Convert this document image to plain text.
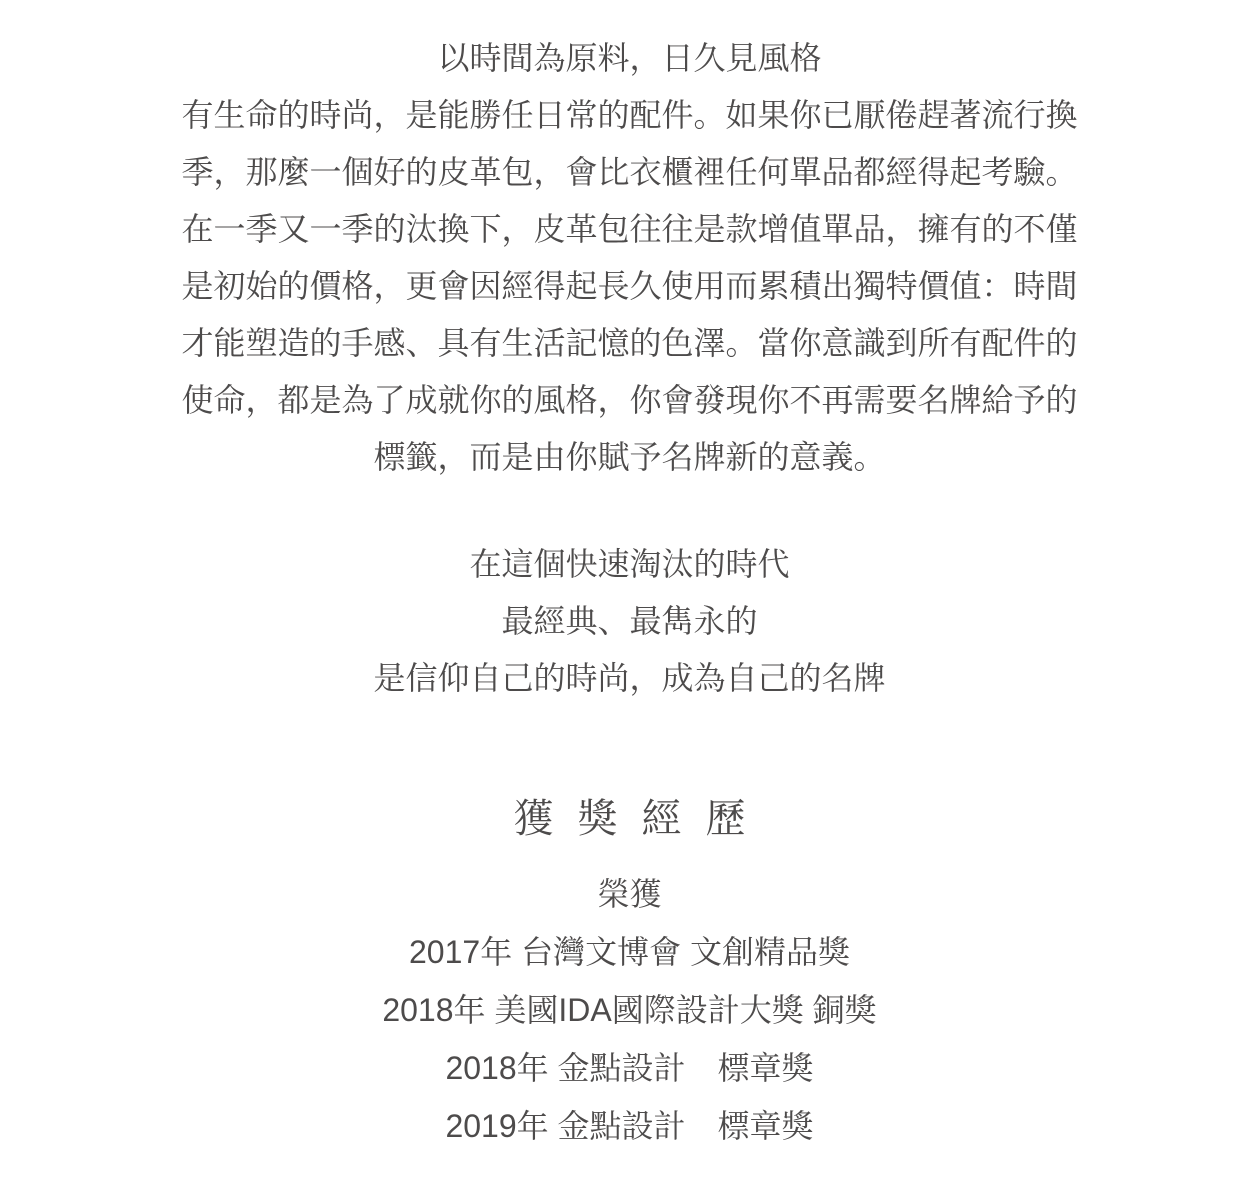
以時間為原料，日久見風格
有生命的時尚，是能勝任日常的配件。如果你已厭倦趕著流行換
季，那麼一個好的皮革包，會比衣櫃裡任何單品都經得起考驗。
在一季又一季的汰換下，皮革包往往是款增值單品，擁有的不僅
是初始的價格，更會因經得起長久使用而累積出獨特價值：時間
才能塑造的手感、具有生活記憶的色澤。當你意識到所有配件的
使命，都是為了成就你的風格，你會發現你不再需要名牌給予的
標籤，而是由你賦予名牌新的意義。
在這個快速淘汰的時代
最經典、最雋永的
是信仰自己的時尚，成為自己的名牌
獲獎經歷
榮獲
2017年 台灣文博會 文創精品獎
2018年 美國IDA國際設計大獎 銅獎
2018年 金點設計　標章獎
2019年 金點設計　標章獎
